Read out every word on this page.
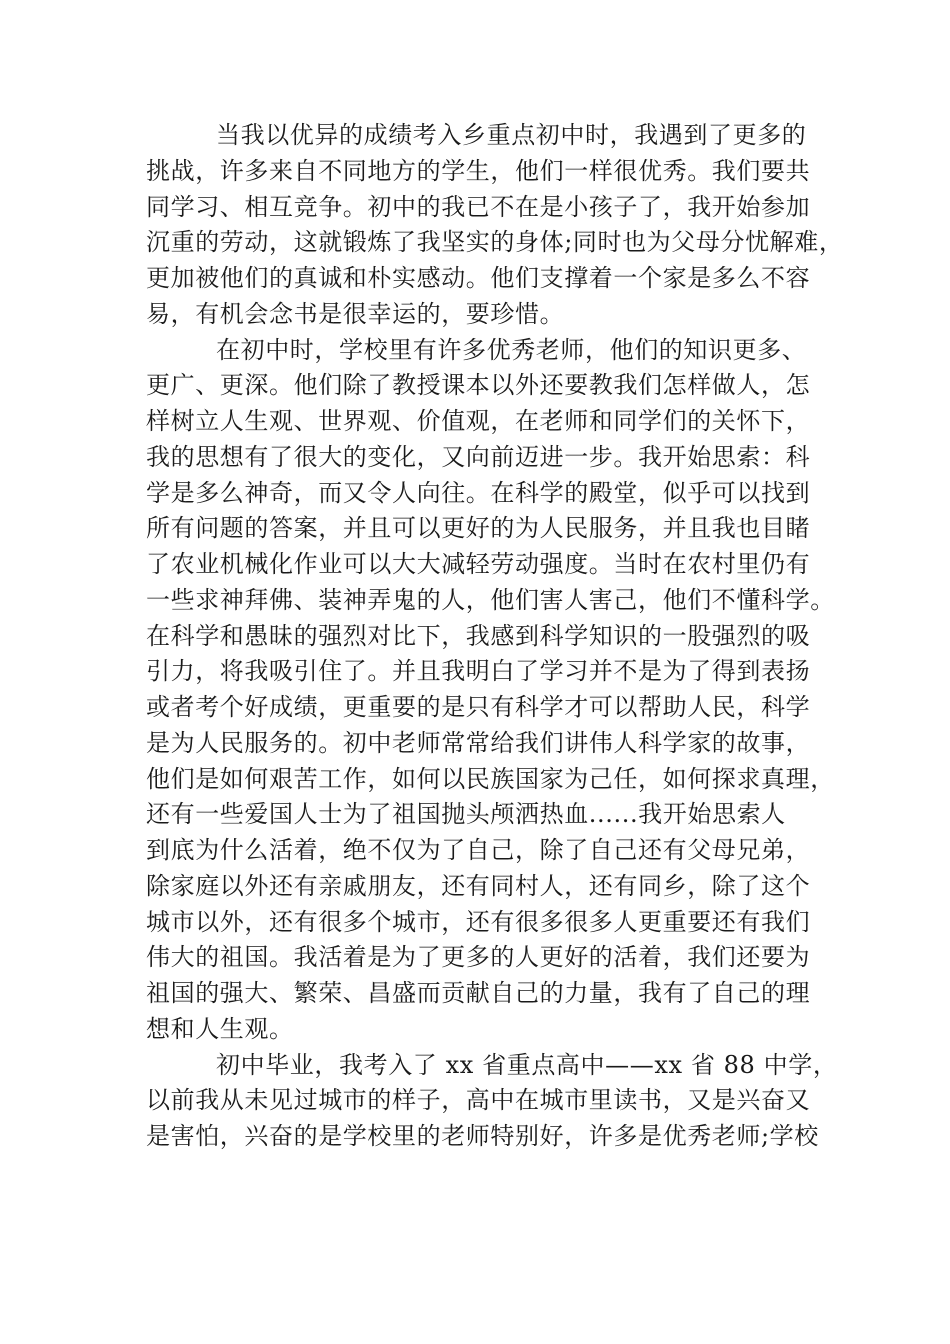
当我以优异的成绩考入乡重点初中时，我遇到了更多的
挑战，许多来自不同地方的学生，他们一样很优秀。我们要共
同学习、相互竞争。初中的我已不在是小孩子了，我开始参加
沉重的劳动，这就锻炼了我坚实的身体;同时也为父母分忧解难，
更加被他们的真诚和朴实感动。他们支撑着一个家是多么不容
易，有机会念书是很幸运的，要珍惜。
在初中时，学校里有许多优秀老师，他们的知识更多、
更广、更深。他们除了教授课本以外还要教我们怎样做人，怎
样树立人生观、世界观、价值观，在老师和同学们的关怀下，
我的思想有了很大的变化，又向前迈进一步。我开始思索：科
学是多么神奇，而又令人向往。在科学的殿堂，似乎可以找到
所有问题的答案，并且可以更好的为人民服务，并且我也目睹
了农业机械化作业可以大大减轻劳动强度。当时在农村里仍有
一些求神拜佛、装神弄鬼的人，他们害人害己，他们不懂科学。
在科学和愚昧的强烈对比下，我感到科学知识的一股强烈的吸
引力，将我吸引住了。并且我明白了学习并不是为了得到表扬
或者考个好成绩，更重要的是只有科学才可以帮助人民，科学
是为人民服务的。初中老师常常给我们讲伟人科学家的故事，
他们是如何艰苦工作，如何以民族国家为己任，如何探求真理，
还有一些爱国人士为了祖国抛头颅洒热血......我开始思索人
到底为什么活着，绝不仅为了自己，除了自己还有父母兄弟，
除家庭以外还有亲戚朋友，还有同村人，还有同乡，除了这个
城市以外，还有很多个城市，还有很多很多人更重要还有我们
伟大的祖国。我活着是为了更多的人更好的活着，我们还要为
祖国的强大、繁荣、昌盛而贡献自己的力量，我有了自己的理
想和人生观。
初中毕业，我考入了 xx 省重点高中——xx 省 88 中学，
以前我从未见过城市的样子，高中在城市里读书，又是兴奋又
是害怕，兴奋的是学校里的老师特别好，许多是优秀老师;学校
